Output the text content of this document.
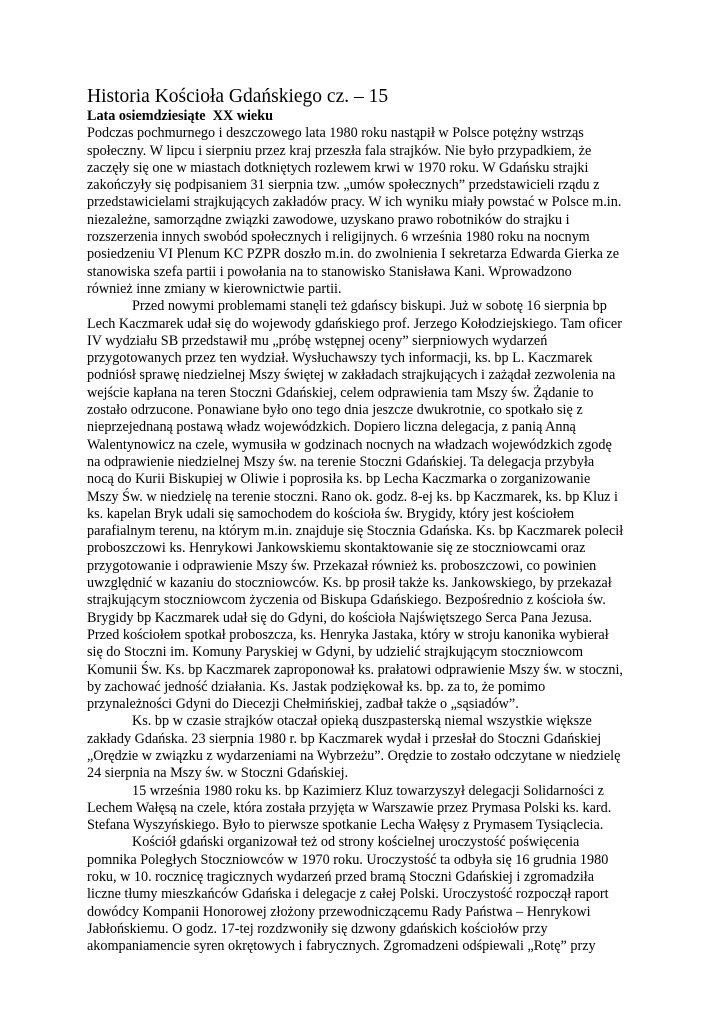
Historia Kościoła Gdańskiego cz. – 15
Lata osiemdziesiąte  XX wieku

Podczas pochmurnego i deszczowego lata 1980 roku nastąpił w Polsce potężny wstrząs
społeczny. W lipcu i sierpniu przez kraj przeszła fala strajków. Nie było przypadkiem, że
zaczęły się one w miastach dotkniętych rozlewem krwi w 1970 roku. W Gdańsku strajki
zakończyły się podpisaniem 31 sierpnia tzw. „umów społecznych” przedstawicieli rządu z
przedstawicielami strajkujących zakładów pracy. W ich wyniku miały powstać w Polsce m.in.
niezależne, samorządne związki zawodowe, uzyskano prawo robotników do strajku i
rozszerzenia innych swobód społecznych i religijnych. 6 września 1980 roku na nocnym
posiedzeniu VI Plenum KC PZPR doszło m.in. do zwolnienia I sekretarza Edwarda Gierka ze
stanowiska szefa partii i powołania na to stanowisko Stanisława Kani. Wprowadzono
również inne zmiany w kierownictwie partii.

Przed nowymi problemami stanęli też gdańscy biskupi. Już w sobotę 16 sierpnia bp
Lech Kaczmarek udał się do wojewody gdańskiego prof. Jerzego Kołodziejskiego. Tam oficer
IV wydziału SB przedstawił mu „próbę wstępnej oceny” sierpniowych wydarzeń
przygotowanych przez ten wydział. Wysłuchawszy tych informacji, ks. bp L. Kaczmarek
podniósł sprawę niedzielnej Mszy świętej w zakładach strajkujących i zażądał zezwolenia na
wejście kapłana na teren Stoczni Gdańskiej, celem odprawienia tam Mszy św. Żądanie to
zostało odrzucone. Ponawiane było ono tego dnia jeszcze dwukrotnie, co spotkało się z
nieprzejednaną postawą władz wojewódzkich. Dopiero liczna delegacja, z panią Anną
Walentynowicz na czele, wymusiła w godzinach nocnych na władzach wojewódzkich zgodę
na odprawienie niedzielnej Mszy św. na terenie Stoczni Gdańskiej. Ta delegacja przybyła
nocą do Kurii Biskupiej w Oliwie i poprosiła ks. bp Lecha Kaczmarka o zorganizowanie
Mszy Św. w niedzielę na terenie stoczni. Rano ok. godz. 8-ej ks. bp Kaczmarek, ks. bp Kluz i
ks. kapelan Bryk udali się samochodem do kościoła św. Brygidy, który jest kościołem
parafialnym terenu, na którym m.in. znajduje się Stocznia Gdańska. Ks. bp Kaczmarek polecił
proboszczowi ks. Henrykowi Jankowskiemu skontaktowanie się ze stoczniowcami oraz
przygotowanie i odprawienie Mszy św. Przekazał również ks. proboszczowi, co powinien
uwzględnić w kazaniu do stoczniowców. Ks. bp prosił także ks. Jankowskiego, by przekazał
strajkującym stoczniowcom życzenia od Biskupa Gdańskiego. Bezpośrednio z kościoła św.
Brygidy bp Kaczmarek udał się do Gdyni, do kościoła Najświętszego Serca Pana Jezusa.
Przed kościołem spotkał proboszcza, ks. Henryka Jastaka, który w stroju kanonika wybierał
się do Stoczni im. Komuny Paryskiej w Gdyni, by udzielić strajkującym stoczniowcom
Komunii Św. Ks. bp Kaczmarek zaproponował ks. prałatowi odprawienie Mszy św. w stoczni,
by zachować jedność działania. Ks. Jastak podziękował ks. bp. za to, że pomimo
przynależności Gdyni do Diecezji Chełmińskiej, zadbał także o „sąsiadów”.

Ks. bp w czasie strajków otaczał opieką duszpasterską niemal wszystkie większe
zakłady Gdańska. 23 sierpnia 1980 r. bp Kaczmarek wydał i przesłał do Stoczni Gdańskiej
„Orędzie w związku z wydarzeniami na Wybrzeżu”. Orędzie to zostało odczytane w niedzielę
24 sierpnia na Mszy św. w Stoczni Gdańskiej.

15 września 1980 roku ks. bp Kazimierz Kluz towarzyszył delegacji Solidarności z
Lechem Wałęsą na czele, która została przyjęta w Warszawie przez Prymasa Polski ks. kard.
Stefana Wyszyńskiego. Było to pierwsze spotkanie Lecha Wałęsy z Prymasem Tysiąclecia.

Kościół gdański organizował też od strony kościelnej uroczystość poświęcenia
pomnika Poległych Stoczniowców w 1970 roku. Uroczystość ta odbyła się 16 grudnia 1980
roku, w 10. rocznicę tragicznych wydarzeń przed bramą Stoczni Gdańskiej i zgromadziła
liczne tłumy mieszkańców Gdańska i delegacje z całej Polski. Uroczystość rozpoczął raport
dowódcy Kompanii Honorowej złożony przewodniczącemu Rady Państwa – Henrykowi
Jabłońskiemu. O godz. 17-tej rozdzwoniły się dzwony gdańskich kościołów przy
akompaniamencie syren okrętowych i fabrycznych. Zgromadzeni odśpiewali „Rotę” przy
